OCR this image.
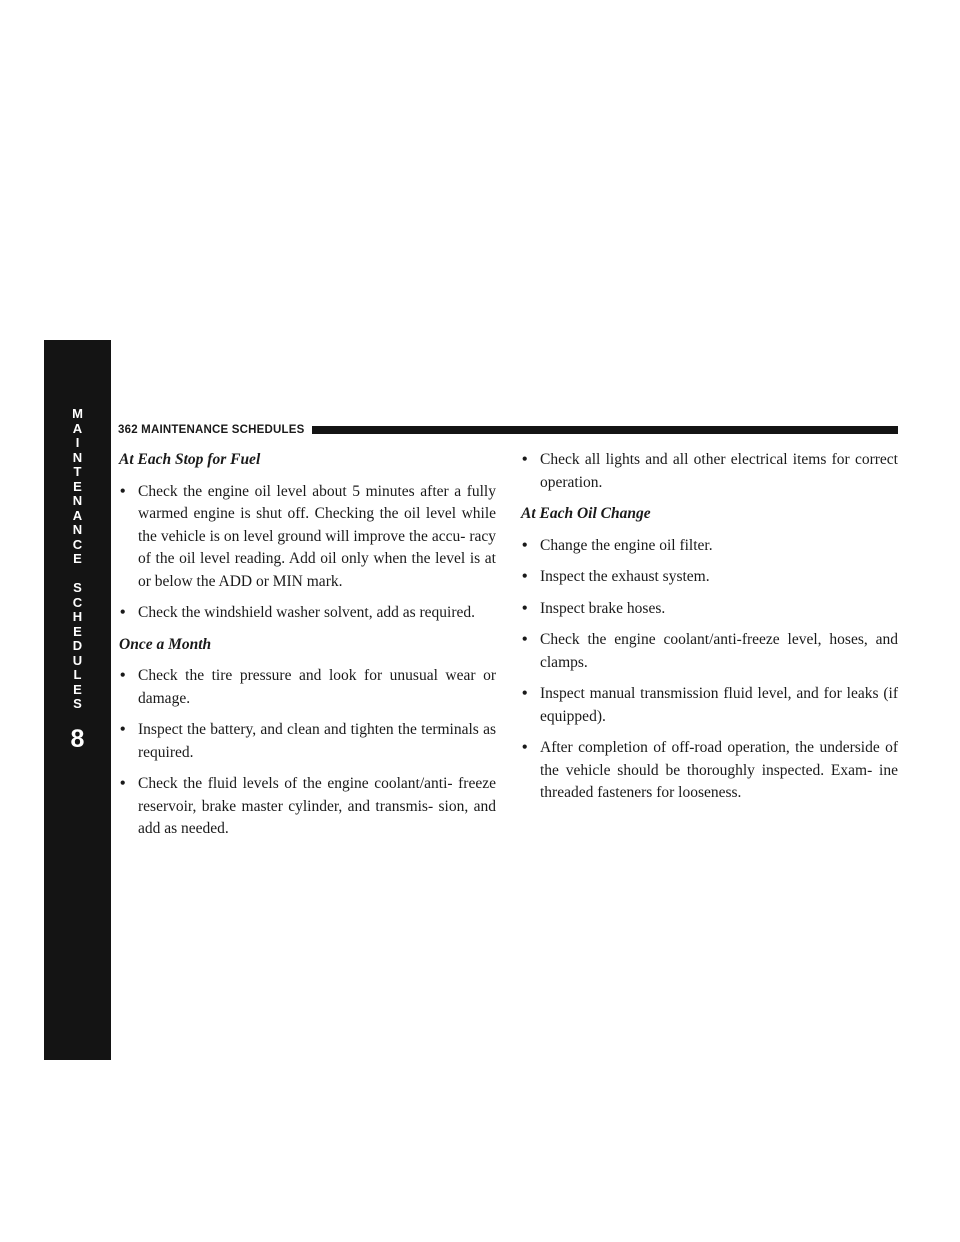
M
A
I
N
T
E
N
A
N
C
E
S
C
H
E
D
U
L
E
S
8
362 MAINTENANCE SCHEDULES

At Each Stop for Fuel

• Check the engine oil level about 5 minutes after a fully warmed engine is shut off. Checking the oil level while the vehicle is on level ground will improve the accu- racy of the oil level reading. Add oil only when the level is at or below the ADD or MIN mark.
• Check the windshield washer solvent, add as required.

Once a Month

• Check the tire pressure and look for unusual wear or damage.
• Inspect the battery, and clean and tighten the terminals as required.
• Check the fluid levels of the engine coolant/anti- freeze reservoir, brake master cylinder, and transmis- sion, and add as needed.
• Check all lights and all other electrical items for correct operation.

At Each Oil Change

• Change the engine oil filter.
• Inspect the exhaust system.
• Inspect brake hoses.
• Check the engine coolant/anti-freeze level, hoses, and clamps.
• Inspect manual transmission fluid level, and for leaks (if equipped).
• After completion of off-road operation, the underside of the vehicle should be thoroughly inspected. Exam- ine threaded fasteners for looseness.
